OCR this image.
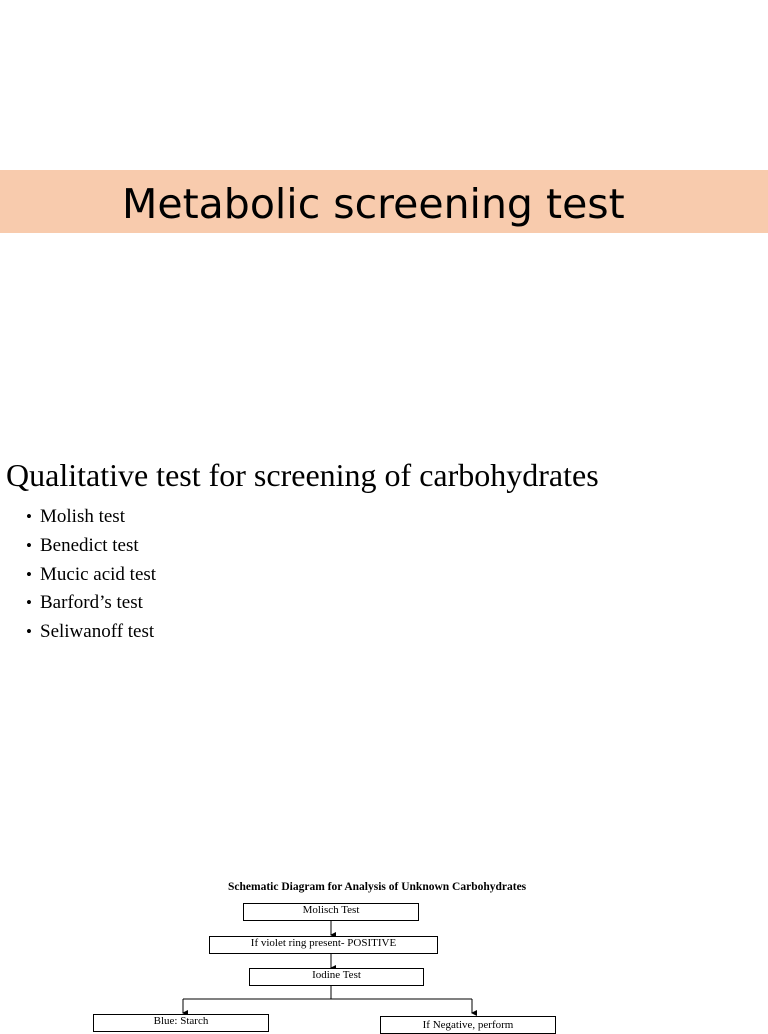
Metabolic screening test
Qualitative test for screening of carbohydrates
• Molish test
• Benedict test
• Mucic acid test
• Barford’s test
• Seliwanoff test
Schematic Diagram for Analysis of Unknown Carbohydrates
Molisch Test
If violet ring present- POSITIVE
Iodine Test
Blue: Starch	If Negative, perform
